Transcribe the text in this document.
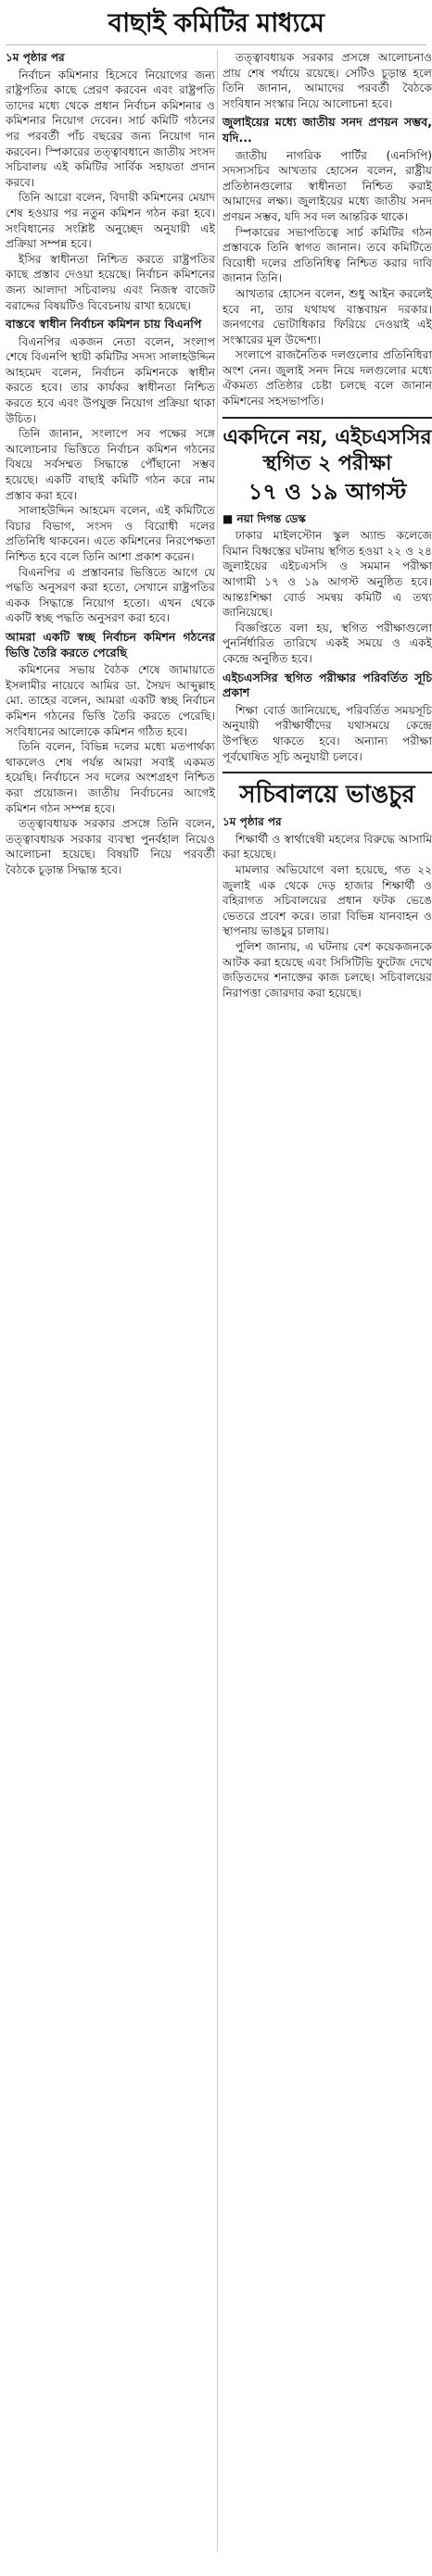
বাছাই কমিটির মাধ্যমে
১ম পৃষ্ঠার পর

নির্বাচন কমিশনার হিসেবে নিয়োগের জন্য রাষ্ট্রপতির কাছে প্রেরণ করবেন এবং রাষ্ট্রপতি তাদের মধ্যে থেকে প্রধান নির্বাচন কমিশনার ও কমিশনার নিয়োগ দেবেন। সার্চ কমিটি গঠনের পর পরবর্তী পাঁচ বছরের জন্য নিয়োগ দান করবেন। স্পিকারের তত্ত্বাবধানে জাতীয় সংসদ সচিবালয় এই কমিটির সার্বিক সহায়তা প্রদান করবে।

তিনি আরো বলেন, বিদায়ী কমিশনের মেয়াদ শেষ হওয়ার পর নতুন কমিশন গঠন করা হবে। সংবিধানের সংশ্লিষ্ট অনুচ্ছেদ অনুযায়ী এই প্রক্রিয়া সম্পন্ন হবে।

ইসির স্বাধীনতা নিশ্চিত করতে রাষ্ট্রপতির কাছে প্রস্তাব দেওয়া হয়েছে। নির্বাচন কমিশনের জন্য আলাদা সচিবালয় এবং নিজস্ব বাজেট বরাদ্দের বিষয়টিও বিবেচনায় রাখা হয়েছে।

বাস্তবে স্বাধীন নির্বাচন কমিশন চায় বিএনপি

বিএনপির একজন নেতা বলেন, সংলাপ শেষে বিএনপি স্থায়ী কমিটির সদস্য সালাহউদ্দিন আহমেদ বলেন, নির্বাচন কমিশনকে স্বাধীন করতে হবে। তার কার্যকর স্বাধীনতা নিশ্চিত করতে হবে এবং উপযুক্ত নিয়োগ প্রক্রিয়া থাকা উচিত।

তিনি জানান, সংলাপে সব পক্ষের সঙ্গে আলোচনার ভিত্তিতে নির্বাচন কমিশন গঠনের বিষয়ে সর্বসম্মত সিদ্ধান্তে পৌঁছানো সম্ভব হয়েছে। একটি বাছাই কমিটি গঠন করে নাম প্রস্তাব করা হবে।

সালাহউদ্দিন আহমেদ বলেন, এই কমিটিতে বিচার বিভাগ, সংসদ ও বিরোধী দলের প্রতিনিধি থাকবেন। এতে কমিশনের নিরপেক্ষতা নিশ্চিত হবে বলে তিনি আশা প্রকাশ করেন।

বিএনপির এ প্রস্তাবনার ভিত্তিতে আগে যে পদ্ধতি অনুসরণ করা হতো, সেখানে রাষ্ট্রপতির একক সিদ্ধান্তে নিয়োগ হতো। এখন থেকে একটি স্বচ্ছ পদ্ধতি অনুসরণ করা হবে।

আমরা একটি স্বচ্ছ নির্বাচন কমিশন গঠনের ভিত্তি তৈরি করতে পেরেছি

কমিশনের সভায় বৈঠক শেষে জামায়াতে ইসলামীর নায়েবে আমির ডা. সৈয়দ আব্দুল্লাহ মো. তাহের বলেন, আমরা একটি স্বচ্ছ নির্বাচন কমিশন গঠনের ভিত্তি তৈরি করতে পেরেছি। সংবিধানের আলোকে কমিশন গঠিত হবে।

তিনি বলেন, বিভিন্ন দলের মধ্যে মতপার্থক্য থাকলেও শেষ পর্যন্ত আমরা সবাই একমত হয়েছি। নির্বাচনে সব দলের অংশগ্রহণ নিশ্চিত করা প্রয়োজন। জাতীয় নির্বাচনের আগেই কমিশন গঠন সম্পন্ন হবে।

তত্ত্বাবধায়ক সরকার প্রসঙ্গে তিনি বলেন, তত্ত্বাবধায়ক সরকার ব্যবস্থা পুনর্বহাল নিয়েও আলোচনা হয়েছে। বিষয়টি নিয়ে পরবর্তী বৈঠকে চূড়ান্ত সিদ্ধান্ত হবে।

তত্ত্বাবধায়ক সরকার প্রসঙ্গে আলোচনাও প্রায় শেষ পর্যায়ে রয়েছে। সেটিও চূড়ান্ত হলে তিনি জানান, আমাদের পরবর্তী বৈঠকে সংবিধান সংস্কার নিয়ে আলোচনা হবে।

জুলাইয়ের মধ্যে জাতীয় সনদ প্রণয়ন সম্ভব, যদি...

জাতীয় নাগরিক পার্টির (এনসিপি) সদস্যসচিব আখতার হোসেন বলেন, রাষ্ট্রীয় প্রতিষ্ঠানগুলোর স্বাধীনতা নিশ্চিত করাই আমাদের লক্ষ্য। জুলাইয়ের মধ্যে জাতীয় সনদ প্রণয়ন সম্ভব, যদি সব দল আন্তরিক থাকে।

স্পিকারের সভাপতিত্বে সার্চ কমিটির গঠন প্রস্তাবকে তিনি স্বাগত জানান। তবে কমিটিতে বিরোধী দলের প্রতিনিধিত্ব নিশ্চিত করার দাবি জানান তিনি।

আখতার হোসেন বলেন, শুধু আইন করলেই হবে না, তার যথাযথ বাস্তবায়ন দরকার। জনগণের ভোটাধিকার ফিরিয়ে দেওয়াই এই সংস্কারের মূল উদ্দেশ্য।

সংলাপে রাজনৈতিক দলগুলোর প্রতিনিধিরা অংশ নেন। জুলাই সনদ নিয়ে দলগুলোর মধ্যে ঐকমত্য প্রতিষ্ঠার চেষ্টা চলছে বলে জানান কমিশনের সহসভাপতি।

একদিনে নয়, এইচএসসির স্থগিত ২ পরীক্ষা
১৭ ও ১৯ আগস্ট
■ নয়া দিগন্ত ডেস্ক

ঢাকার মাইলস্টোন স্কুল অ্যান্ড কলেজে বিমান বিধ্বস্তের ঘটনায় স্থগিত হওয়া ২২ ও ২৪ জুলাইয়ের এইচএসসি ও সমমান পরীক্ষা আগামী ১৭ ও ১৯ আগস্ট অনুষ্ঠিত হবে। আন্তঃশিক্ষা বোর্ড সমন্বয় কমিটি এ তথ্য জানিয়েছে।

বিজ্ঞপ্তিতে বলা হয়, স্থগিত পরীক্ষাগুলো পুনর্নির্ধারিত তারিখে একই সময়ে ও একই কেন্দ্রে অনুষ্ঠিত হবে।

এইচএসসির স্থগিত পরীক্ষার পরিবর্তিত সূচি প্রকাশ

শিক্ষা বোর্ড জানিয়েছে, পরিবর্তিত সময়সূচি অনুযায়ী পরীক্ষার্থীদের যথাসময়ে কেন্দ্রে উপস্থিত থাকতে হবে। অন্যান্য পরীক্ষা পূর্বঘোষিত সূচি অনুযায়ী চলবে।

সচিবালয়ে ভাঙচুর
১ম পৃষ্ঠার পর

শিক্ষার্থী ও স্বার্থান্বেষী মহলের বিরুদ্ধে আসামি করা হয়েছে।

মামলার অভিযোগে বলা হয়েছে, গত ২২ জুলাই এক থেকে দেড় হাজার শিক্ষার্থী ও বহিরাগত সচিবালয়ের প্রধান ফটক ভেঙে ভেতরে প্রবেশ করে। তারা বিভিন্ন যানবাহন ও স্থাপনায় ভাঙচুর চালায়।

পুলিশ জানায়, এ ঘটনায় বেশ কয়েকজনকে আটক করা হয়েছে এবং সিসিটিভি ফুটেজ দেখে জড়িতদের শনাক্তের কাজ চলছে। সচিবালয়ের নিরাপত্তা জোরদার করা হয়েছে।
